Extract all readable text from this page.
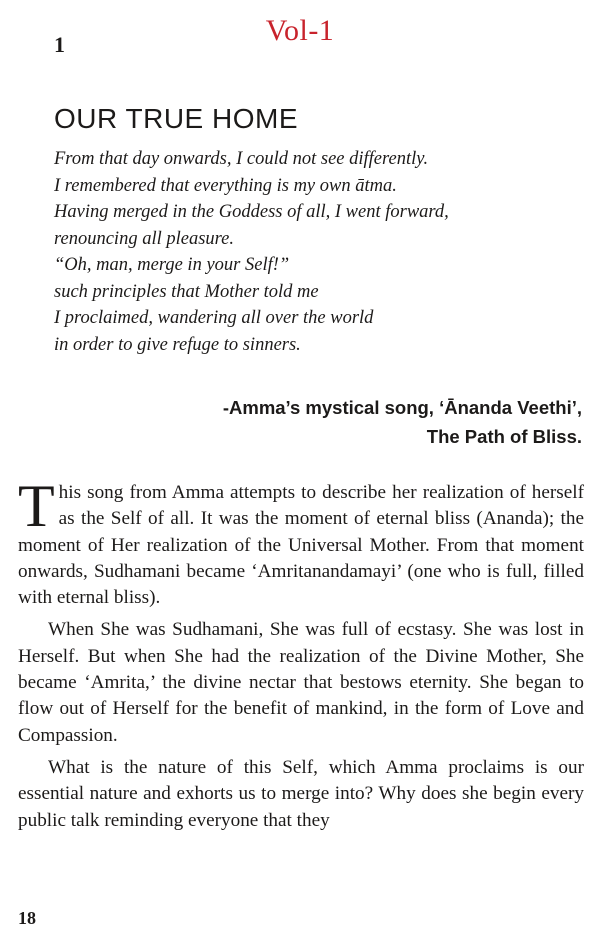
Vol-1
1
OUR TRUE HOME
From that day onwards, I could not see differently.
I remembered that everything is my own ātma.
Having merged in the Goddess of all, I went forward,
renouncing all pleasure.
“Oh, man, merge in your Self!”
such principles that Mother told me
I proclaimed, wandering all over the world
in order to give refuge to sinners.
-Amma’s mystical song, ‘Ānanda Veethi’,
The Path of Bliss.

This song from Amma attempts to describe her realization of herself as the Self of all. It was the moment of eternal bliss (Ananda); the moment of Her realization of the Universal Mother. From that moment onwards, Sudhamani became ‘Amritanandamayi’ (one who is full, filled with eternal bliss).

When She was Sudhamani, She was full of ecstasy. She was lost in Herself. But when She had the realization of the Divine Mother, She became ‘Amrita,’ the divine nectar that bestows eternity. She began to flow out of Herself for the benefit of mankind, in the form of Love and Compassion.

What is the nature of this Self, which Amma proclaims is our essential nature and exhorts us to merge into? Why does she begin every public talk reminding everyone that they

18
